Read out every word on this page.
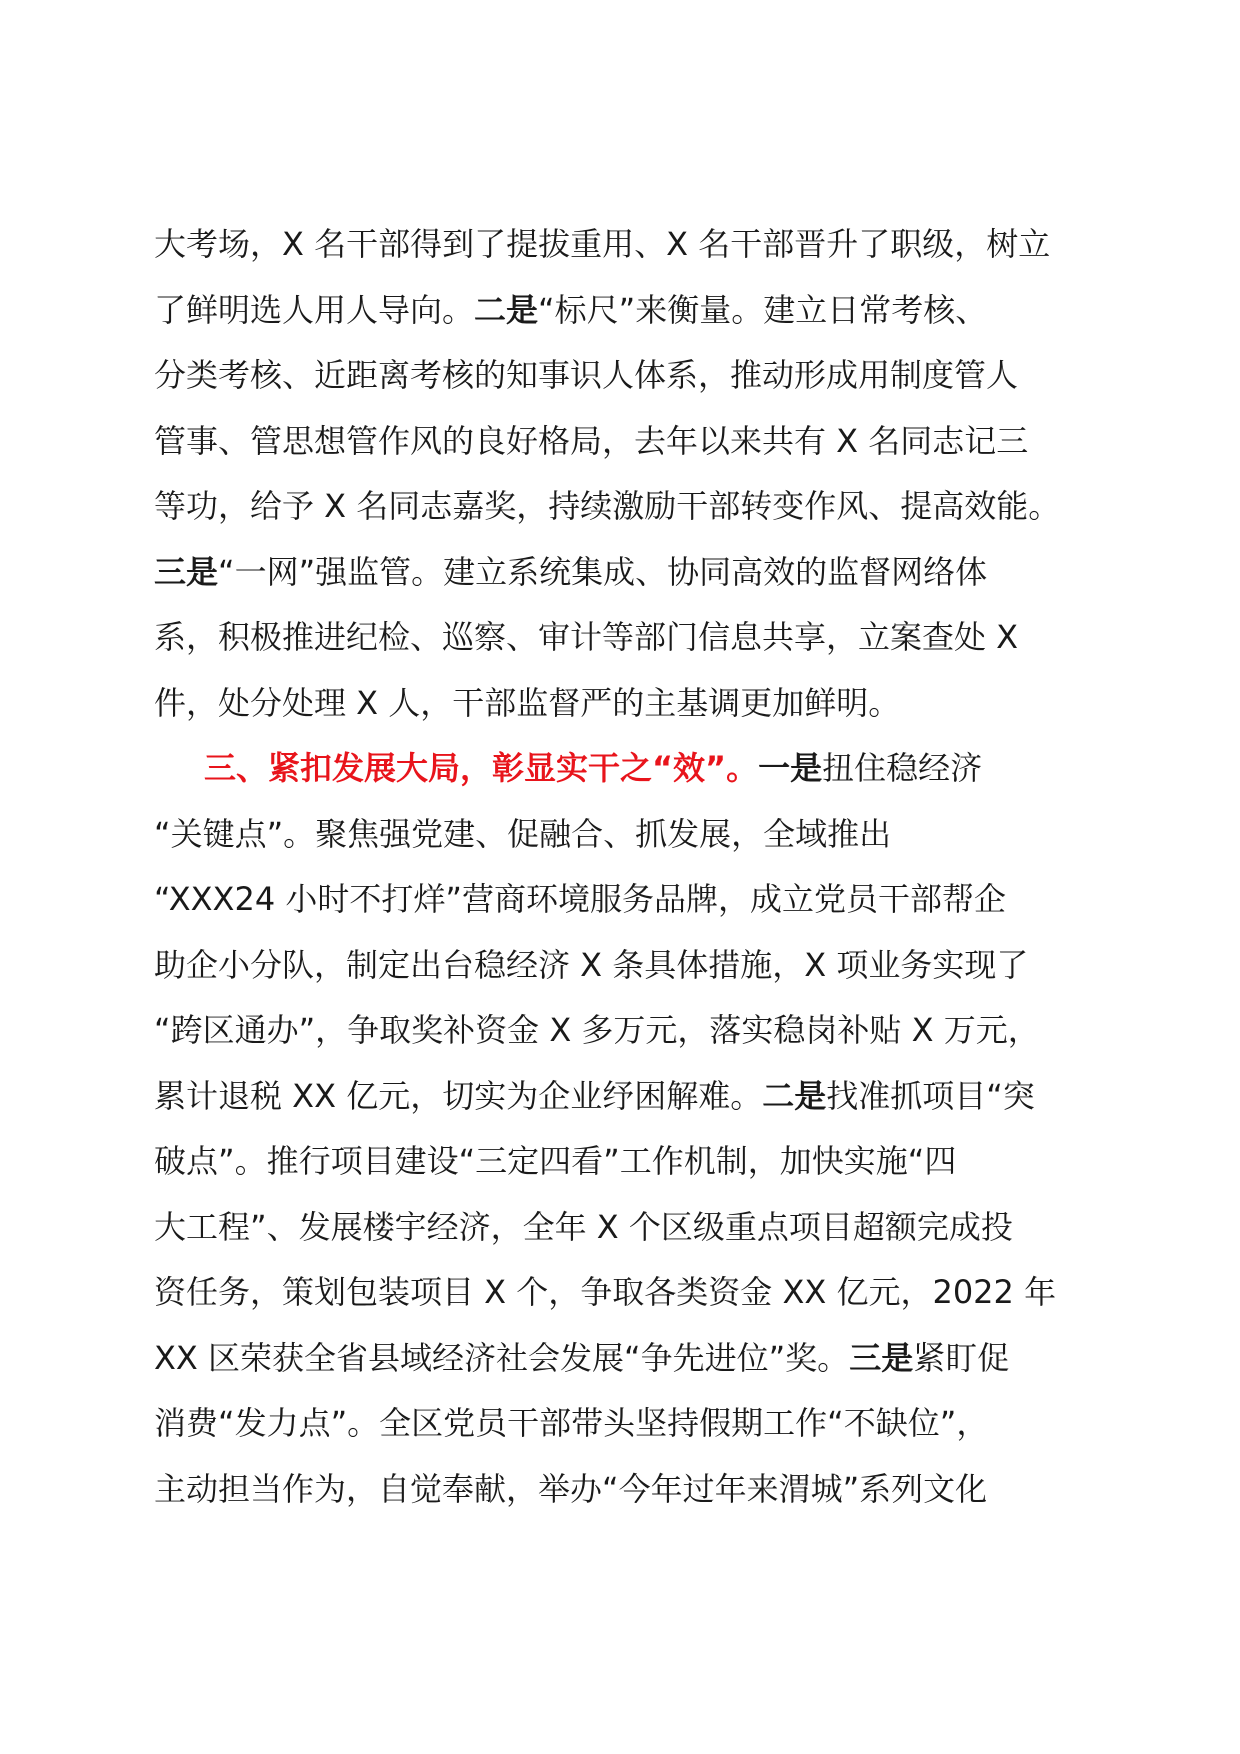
大考场，X 名干部得到了提拔重用、X 名干部晋升了职级，树立
了鲜明选人用人导向。二是“标尺”来衡量。建立日常考核、
分类考核、近距离考核的知事识人体系，推动形成用制度管人
管事、管思想管作风的良好格局，去年以来共有 X 名同志记三
等功，给予 X 名同志嘉奖，持续激励干部转变作风、提高效能。
三是“一网”强监管。建立系统集成、协同高效的监督网络体
系，积极推进纪检、巡察、审计等部门信息共享，立案查处 X
件，处分处理 X 人，干部监督严的主基调更加鲜明。
三、紧扣发展大局，彰显实干之“效”。一是扭住稳经济
“关键点”。聚焦强党建、促融合、抓发展，全域推出
“XXX24 小时不打烊”营商环境服务品牌，成立党员干部帮企
助企小分队，制定出台稳经济 X 条具体措施，X 项业务实现了
“跨区通办”，争取奖补资金 X 多万元，落实稳岗补贴 X 万元，
累计退税 XX 亿元，切实为企业纾困解难。二是找准抓项目“突
破点”。推行项目建设“三定四看”工作机制，加快实施“四
大工程”、发展楼宇经济，全年 X 个区级重点项目超额完成投
资任务，策划包装项目 X 个，争取各类资金 XX 亿元，2022 年
XX 区荣获全省县域经济社会发展“争先进位”奖。三是紧盯促
消费“发力点”。全区党员干部带头坚持假期工作“不缺位”，
主动担当作为，自觉奉献，举办“今年过年来渭城”系列文化
